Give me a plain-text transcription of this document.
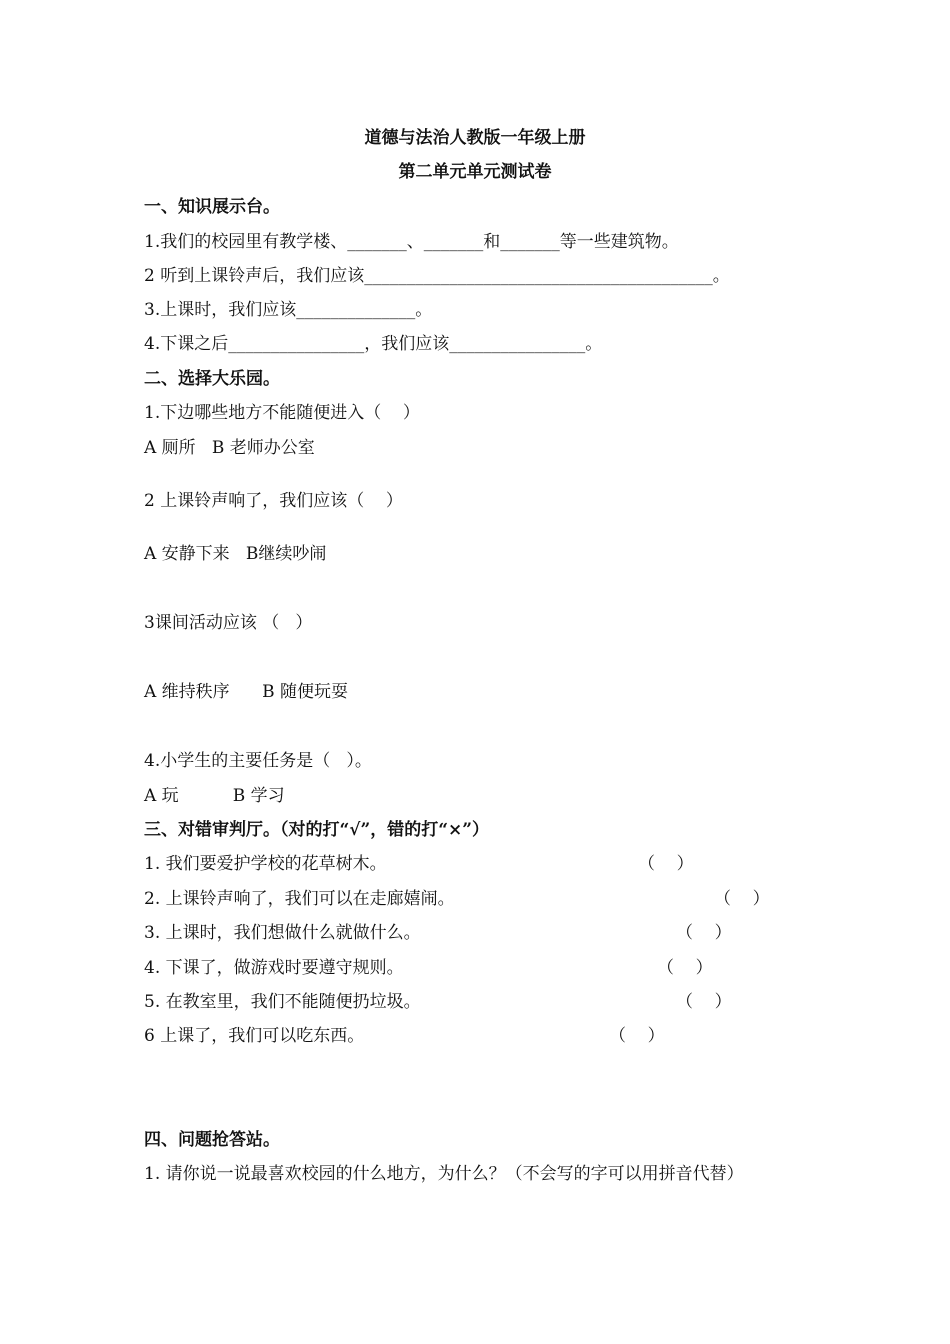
道德与法治人教版一年级上册
第二单元单元测试卷
一、知识展示台。
1.我们的校园里有教学楼、_______、_______和_______等一些建筑物。
2 听到上课铃声后，我们应该_________________________________________。
3.上课时，我们应该______________。
4.下课之后________________，我们应该________________。
二、选择大乐园。
1.下边哪些地方不能随便进入（    ）
A 厕所   B 老师办公室
2 上课铃声响了，我们应该（    ）
A 安静下来   B继续吵闹
3课间活动应该 （   ）
A 维持秩序      B 随便玩耍
4.小学生的主要任务是（   ）。
A 玩          B 学习
三、对错审判厅。（对的打“√”，错的打“×”）
1. 我们要爱护学校的花草树木。	（    ）
2. 上课铃声响了，我们可以在走廊嬉闹。	（    ）
3. 上课时，我们想做什么就做什么。	（    ）
4. 下课了，做游戏时要遵守规则。	（    ）
5. 在教室里，我们不能随便扔垃圾。	（    ）
6 上课了，我们可以吃东西。	（    ）
四、问题抢答站。
1. 请你说一说最喜欢校园的什么地方，为什么？（不会写的字可以用拼音代替）
